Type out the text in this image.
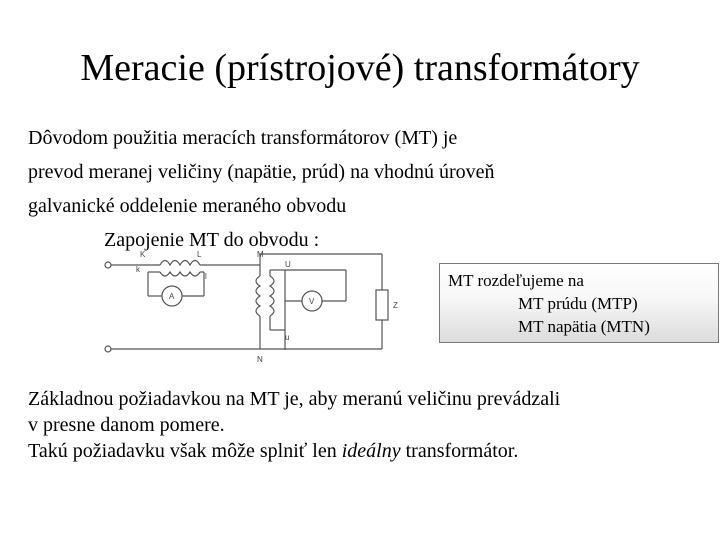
Meracie (prístrojové) transformátory
Dôvodom použitia meracích transformátorov (MT) je
prevod meranej veličiny (napätie, prúd) na vhodnú úroveň
galvanické oddelenie meraného obvodu
Zapojenie MT do obvodu :
K	L	M
k
l
U
u
N
Z
A
V
MT rozdeľujeme na
MT prúdu (MTP)
MT napätia (MTN)
Základnou požiadavkou na MT je, aby meranú veličinu prevádzali
v presne danom pomere.
Takú požiadavku však môže splniť len ideálny transformátor.
